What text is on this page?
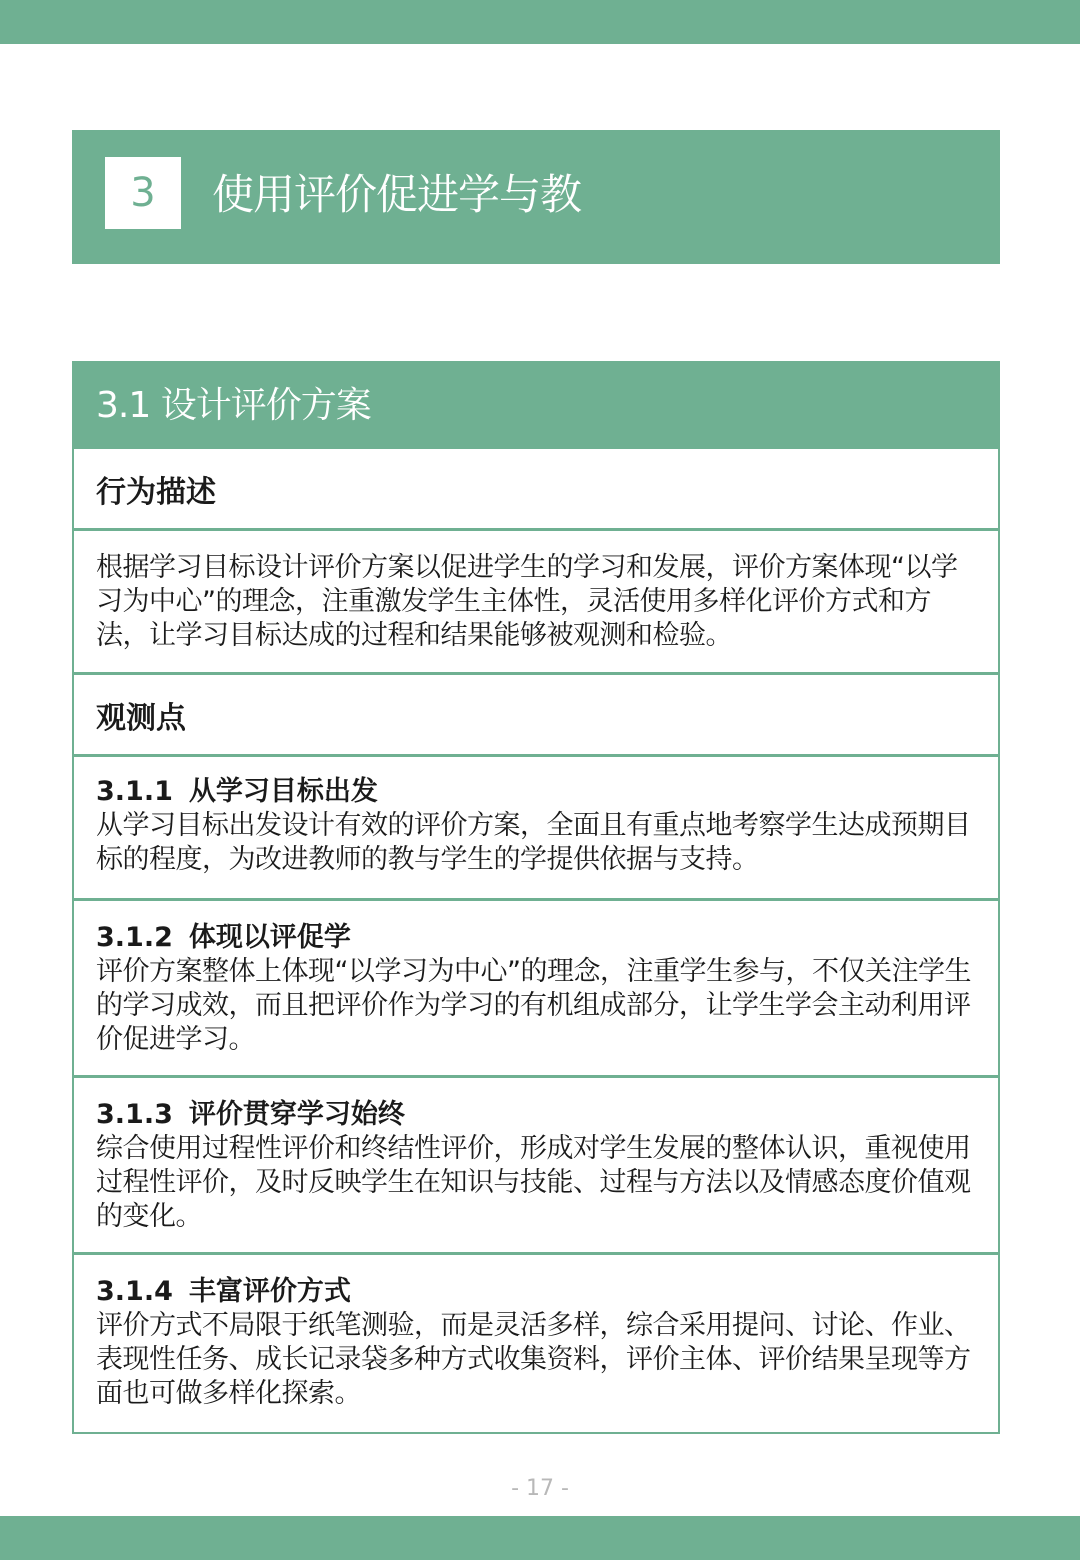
3	使用评价促进学与教
3.1 设计评价方案
行为描述
根据学习目标设计评价方案以促进学生的学习和发展，评价方案体现“以学习为中心”的理念，注重激发学生主体性，灵活使用多样化评价方式和方法，让学习目标达成的过程和结果能够被观测和检验。
观测点
3.1.1 从学习目标出发
从学习目标出发设计有效的评价方案，全面且有重点地考察学生达成预期目标的程度，为改进教师的教与学生的学提供依据与支持。
3.1.2 体现以评促学
评价方案整体上体现“以学习为中心”的理念，注重学生参与，不仅关注学生的学习成效，而且把评价作为学习的有机组成部分，让学生学会主动利用评价促进学习。
3.1.3 评价贯穿学习始终
综合使用过程性评价和终结性评价，形成对学生发展的整体认识，重视使用过程性评价，及时反映学生在知识与技能、过程与方法以及情感态度价值观的变化。
3.1.4 丰富评价方式
评价方式不局限于纸笔测验，而是灵活多样，综合采用提问、讨论、作业、表现性任务、成长记录袋多种方式收集资料，评价主体、评价结果呈现等方面也可做多样化探索。
- 17 -
